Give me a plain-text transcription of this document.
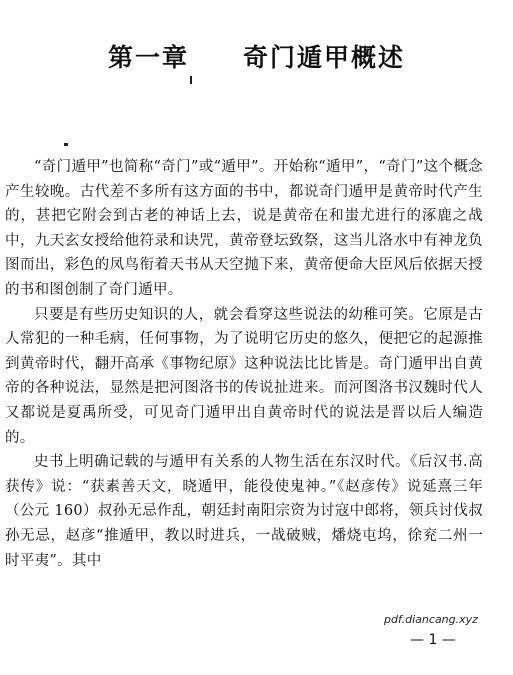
第一章　　奇门遁甲概述

“奇门遁甲”也简称“奇门”或“遁甲”。开始称“遁甲”，“奇门”这个概念产生较晚。古代差不多所有这方面的书中，都说奇门遁甲是黄帝时代产生的，甚把它附会到古老的神话上去，说是黄帝在和蚩尤进行的涿鹿之战中，九天玄女授给他符录和诀咒，黄帝登坛致祭，这当儿洛水中有神龙负图而出，彩色的凤鸟衔着天书从天空抛下来，黄帝便命大臣风后依据天授的书和图创制了奇门遁甲。

只要是有些历史知识的人，就会看穿这些说法的幼稚可笑。它原是古人常犯的一种毛病，任何事物，为了说明它历史的悠久，便把它的起源推到黄帝时代，翻开高承《事物纪原》这种说法比比皆是。奇门遁甲出自黄帝的各种说法，显然是把河图洛书的传说扯进来。而河图洛书汉魏时代人又都说是夏禹所受，可见奇门遁甲出自黄帝时代的说法是晋以后人编造的。

史书上明确记载的与遁甲有关系的人物生活在东汉时代。《后汉书.高获传》说：“获素善天文，晓遁甲，能役使鬼神。”《赵彦传》说延熹三年（公元 160）叔孙无忌作乱，朝廷封南阳宗资为讨寇中郎将，领兵讨伐叔孙无忌，赵彦“推遁甲，教以时进兵，一战破贼，燔烧屯坞，徐兖二州一时平夷”。其中

pdf.diancang.xyz
— 1 —
